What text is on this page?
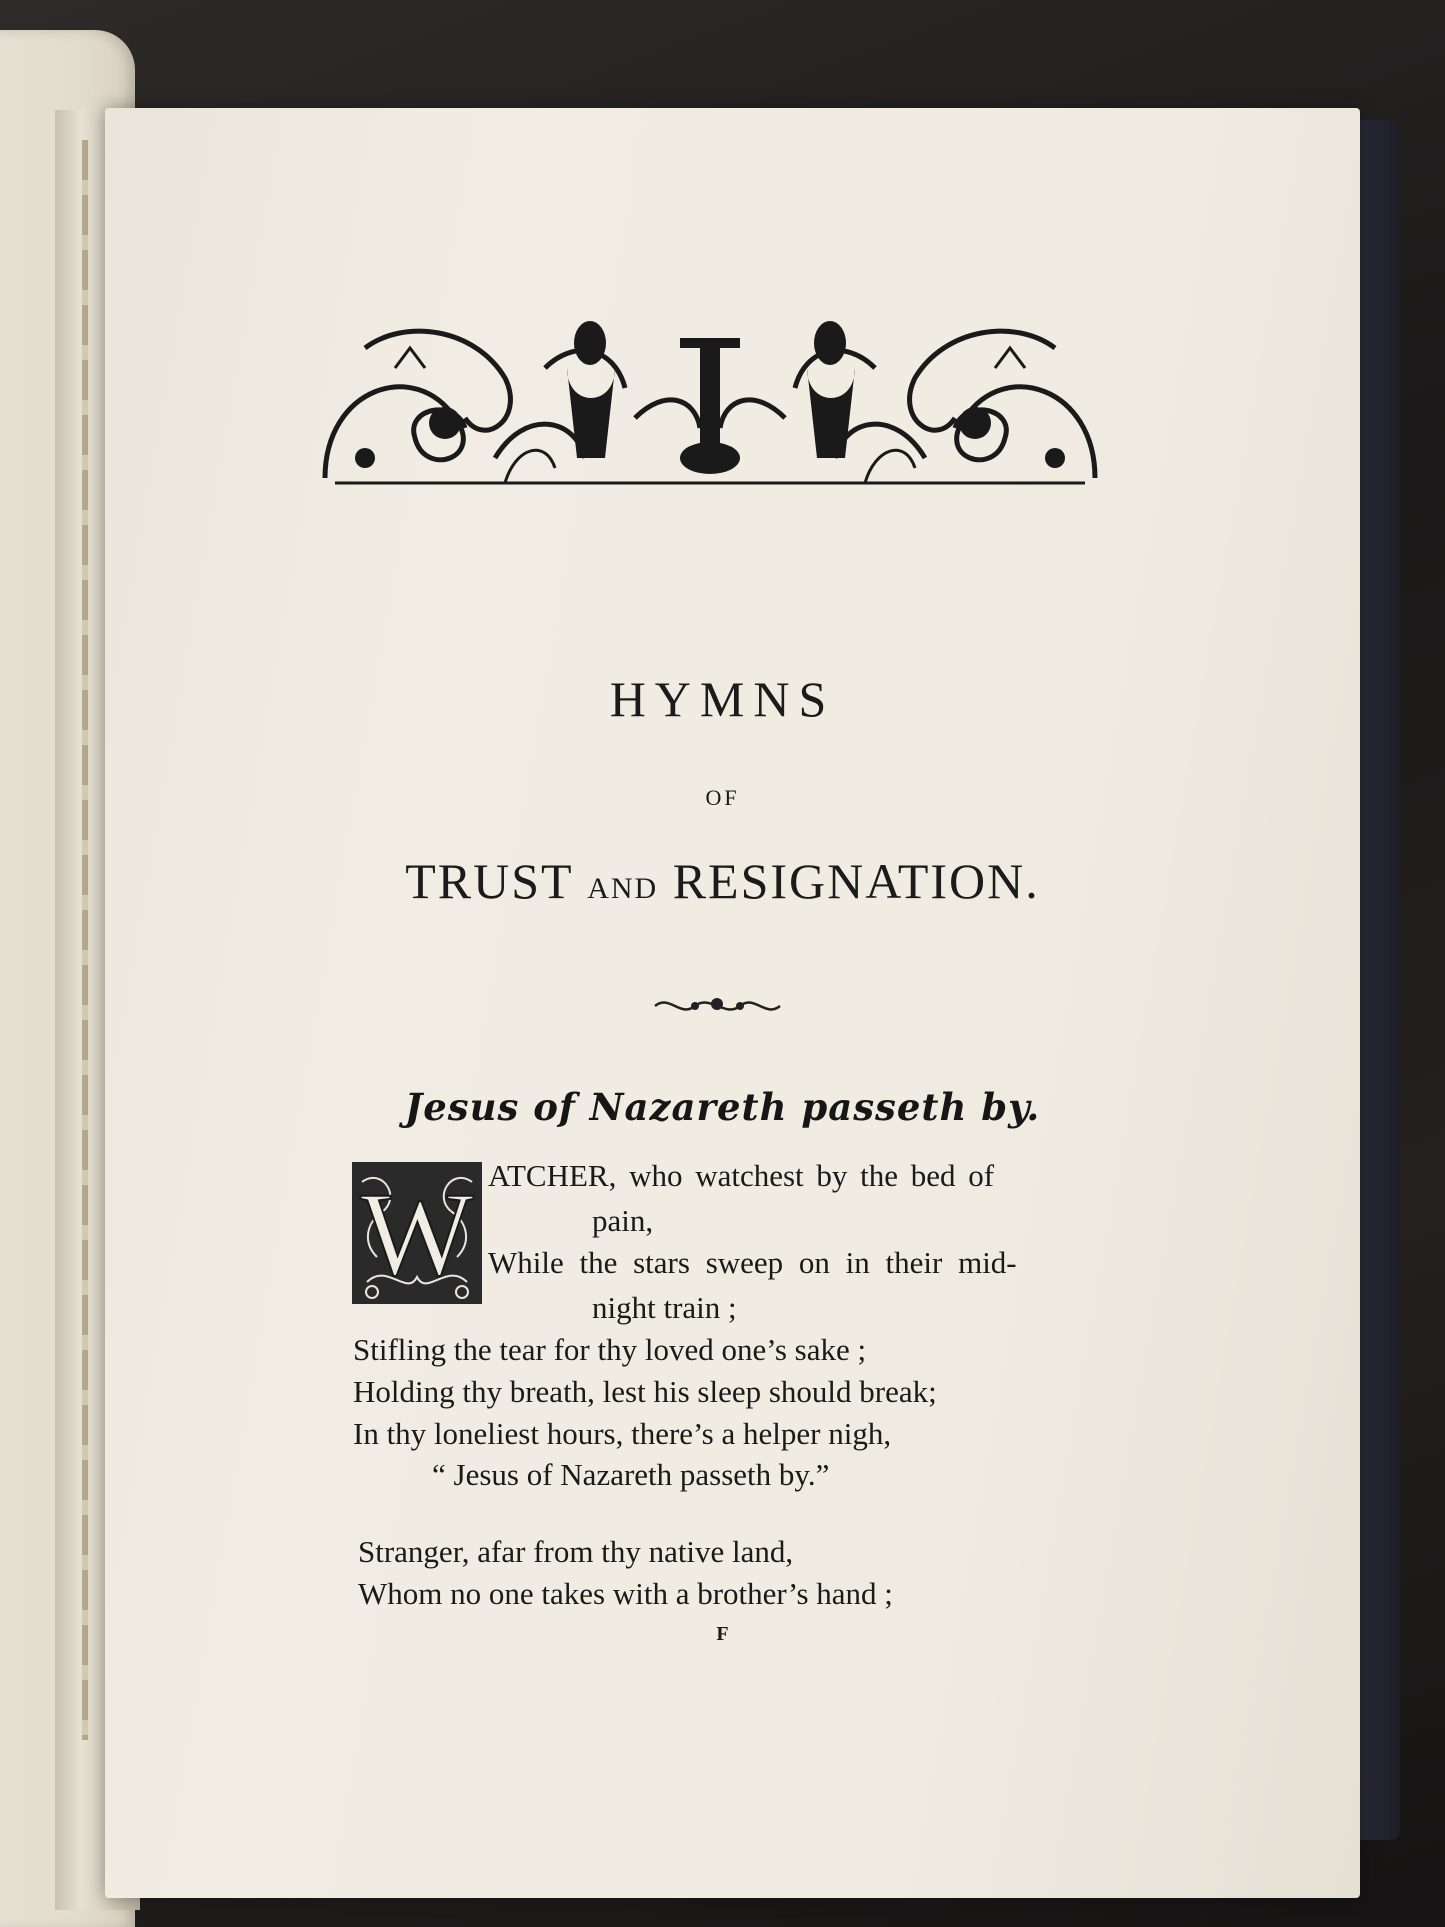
HYMNS
OF
TRUST AND RESIGNATION.
Jesus of Nazareth passeth by.
W ATCHER, who watchest by the bed of
pain,
While the stars sweep on in their mid-
night train ;
Stifling the tear for thy loved one’s sake ;
Holding thy breath, lest his sleep should break;
In thy loneliest hours, there’s a helper nigh,
“ Jesus of Nazareth passeth by.”
Stranger, afar from thy native land,
Whom no one takes with a brother’s hand ;
F
